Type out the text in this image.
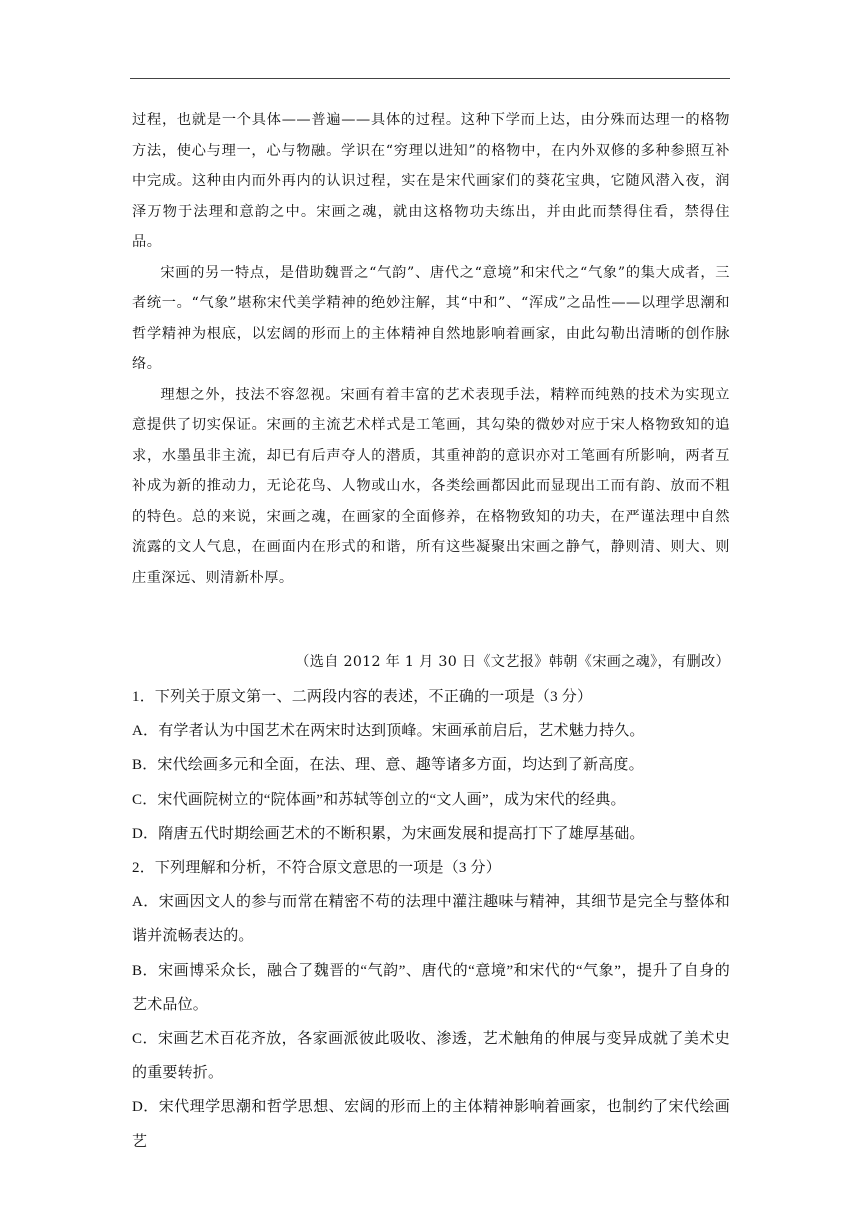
过程，也就是一个具体——普遍——具体的过程。这种下学而上达，由分殊而达理一的格物方法，使心与理一，心与物融。学识在“穷理以进知”的格物中，在内外双修的多种参照互补中完成。这种由内而外再内的认识过程，实在是宋代画家们的葵花宝典，它随风潜入夜，润泽万物于法理和意韵之中。宋画之魂，就由这格物功夫练出，并由此而禁得住看，禁得住品。

宋画的另一特点，是借助魏晋之“气韵”、唐代之“意境”和宋代之“气象”的集大成者，三者统一。“气象”堪称宋代美学精神的绝妙注解，其“中和”、“浑成”之品性——以理学思潮和哲学精神为根底，以宏阔的形而上的主体精神自然地影响着画家，由此勾勒出清晰的创作脉络。

理想之外，技法不容忽视。宋画有着丰富的艺术表现手法，精粹而纯熟的技术为实现立意提供了切实保证。宋画的主流艺术样式是工笔画，其勾染的微妙对应于宋人格物致知的追求，水墨虽非主流，却已有后声夺人的潜质，其重神韵的意识亦对工笔画有所影响，两者互补成为新的推动力，无论花鸟、人物或山水，各类绘画都因此而显现出工而有韵、放而不粗的特色。总的来说，宋画之魂，在画家的全面修养，在格物致知的功夫，在严谨法理中自然流露的文人气息，在画面内在形式的和谐，所有这些凝聚出宋画之静气，静则清、则大、则庄重深远、则清新朴厚。

（选自 2012 年 1 月 30 日《文艺报》韩朝《宋画之魂》，有删改）

1．下列关于原文第一、二两段内容的表述，不正确的一项是（3 分）

A．有学者认为中国艺术在两宋时达到顶峰。宋画承前启后，艺术魅力持久。

B．宋代绘画多元和全面，在法、理、意、趣等诸多方面，均达到了新高度。

C．宋代画院树立的“院体画”和苏轼等创立的“文人画”，成为宋代的经典。

D．隋唐五代时期绘画艺术的不断积累，为宋画发展和提高打下了雄厚基础。

2．下列理解和分析，不符合原文意思的一项是（3 分）

A．宋画因文人的参与而常在精密不苟的法理中灌注趣味与精神，其细节是完全与整体和谐并流畅表达的。

B．宋画博采众长，融合了魏晋的“气韵”、唐代的“意境”和宋代的“气象”，提升了自身的艺术品位。

C．宋画艺术百花齐放，各家画派彼此吸收、渗透，艺术触角的伸展与变异成就了美术史的重要转折。

D．宋代理学思潮和哲学思想、宏阔的形而上的主体精神影响着画家，也制约了宋代绘画艺
